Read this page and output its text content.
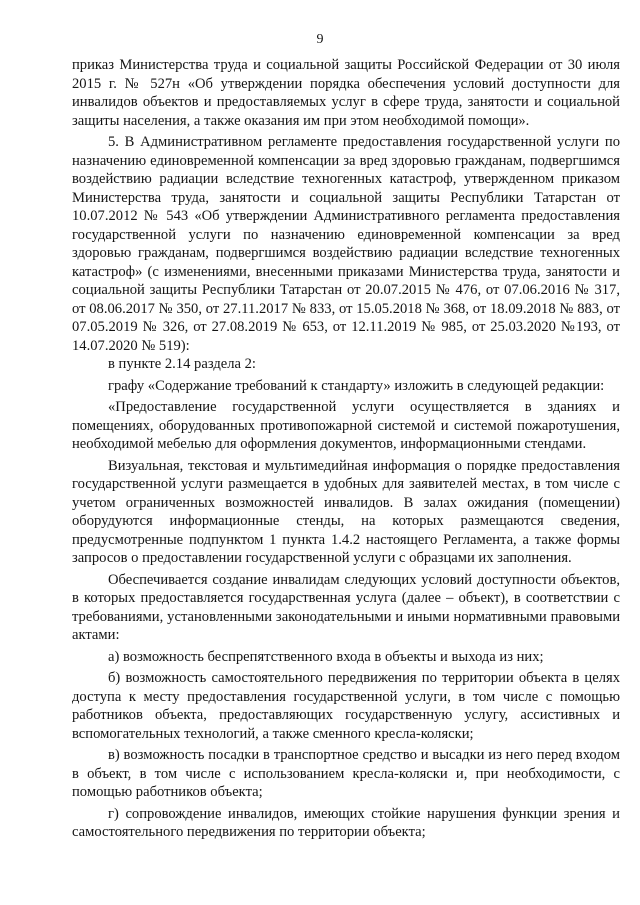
9

приказ Министерства труда и социальной защиты Российской Федерации от 30 июля 2015 г. № 527н «Об утверждении порядка обеспечения условий доступности для инвалидов объектов и предоставляемых услуг в сфере труда, занятости и социальной защиты населения, а также оказания им при этом необходимой помощи».

5. В Административном регламенте предоставления государственной услуги по назначению единовременной компенсации за вред здоровью гражданам, подвергшимся воздействию радиации вследствие техногенных катастроф, утвержденном приказом Министерства труда, занятости и социальной защиты Республики Татарстан от 10.07.2012 № 543 «Об утверждении Административного регламента предоставления государственной услуги по назначению единовременной компенсации за вред здоровью гражданам, подвергшимся воздействию радиации вследствие техногенных катастроф» (с изменениями, внесенными приказами Министерства труда, занятости и социальной защиты Республики Татарстан от 20.07.2015 № 476, от 07.06.2016 № 317, от 08.06.2017 № 350, от 27.11.2017 № 833, от 15.05.2018 № 368, от 18.09.2018 № 883, от 07.05.2019 № 326, от 27.08.2019 № 653, от 12.11.2019 № 985, от 25.03.2020 №193, от 14.07.2020 № 519):

в пункте 2.14 раздела 2:

графу «Содержание требований к стандарту» изложить в следующей редакции:

«Предоставление государственной услуги осуществляется в зданиях и помещениях, оборудованных противопожарной системой и системой пожаротушения, необходимой мебелью для оформления документов, информационными стендами.

Визуальная, текстовая и мультимедийная информация о порядке предоставления государственной услуги размещается в удобных для заявителей местах, в том числе с учетом ограниченных возможностей инвалидов. В залах ожидания (помещении) оборудуются информационные стенды, на которых размещаются сведения, предусмотренные подпунктом 1 пункта 1.4.2 настоящего Регламента, а также формы запросов о предоставлении государственной услуги с образцами их заполнения.

Обеспечивается создание инвалидам следующих условий доступности объектов, в которых предоставляется государственная услуга (далее – объект), в соответствии с требованиями, установленными законодательными и иными нормативными правовыми актами:

а) возможность беспрепятственного входа в объекты и выхода из них;

б) возможность самостоятельного передвижения по территории объекта в целях доступа к месту предоставления государственной услуги, в том числе с помощью работников объекта, предоставляющих государственную услугу, ассистивных и вспомогательных технологий, а также сменного кресла-коляски;

в) возможность посадки в транспортное средство и высадки из него перед входом в объект, в том числе с использованием кресла-коляски и, при необходимости, с помощью работников объекта;

г) сопровождение инвалидов, имеющих стойкие нарушения функции зрения и самостоятельного передвижения по территории объекта;
